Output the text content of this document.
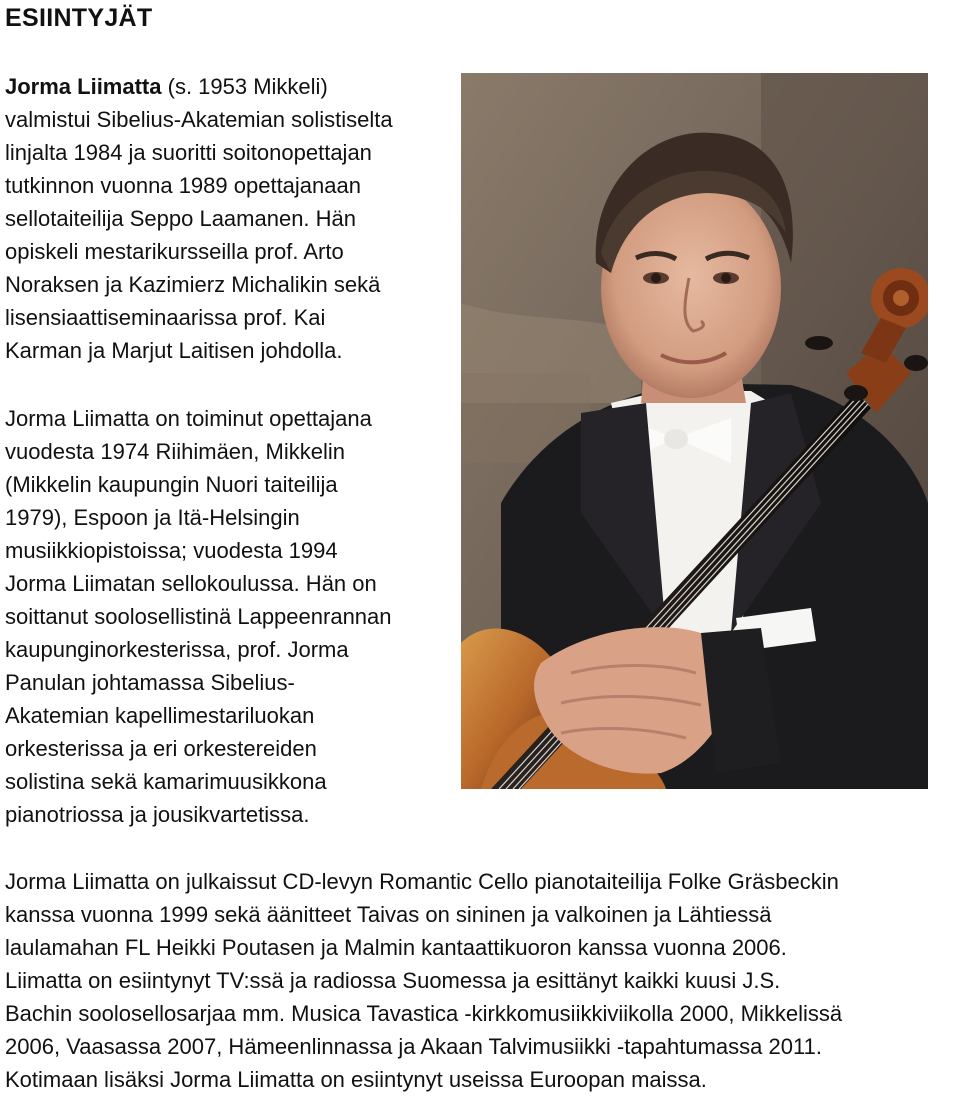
ESIINTYJÄT
Jorma Liimatta (s. 1953 Mikkeli)
valmistui Sibelius-Akatemian solistiselta
linjalta 1984 ja suoritti soitonopettajan
tutkinnon vuonna 1989 opettajanaan
sellotaiteilija Seppo Laamanen. Hän
opiskeli mestarikursseilla prof. Arto
Noraksen ja Kazimierz Michalikin sekä
lisensiaattiseminaarissa prof. Kai
Karman ja Marjut Laitisen johdolla.
Jorma Liimatta on toiminut opettajana
vuodesta 1974 Riihimäen, Mikkelin
(Mikkelin kaupungin Nuori taiteilija
1979), Espoon ja Itä-Helsingin
musiikkiopistoissa; vuodesta 1994
Jorma Liimatan sellokoulussa. Hän on
soittanut soolosellistinä Lappeenrannan
kaupunginorkesterissa, prof. Jorma
Panulan johtamassa Sibelius-
Akatemian kapellimestariluokan
orkesterissa ja eri orkestereiden
solistina sekä kamarimuusikkona
pianotriossa ja jousikvartetissa.
Jorma Liimatta on julkaissut CD-levyn Romantic Cello pianotaiteilija Folke Gräsbeckin
kanssa vuonna 1999 sekä äänitteet Taivas on sininen ja valkoinen ja Lähtiessä
laulamahan FL Heikki Poutasen ja Malmin kantaattikuoron kanssa vuonna 2006.
Liimatta on esiintynyt TV:ssä ja radiossa Suomessa ja esittänyt kaikki kuusi J.S.
Bachin soolosellosarjaa mm. Musica Tavastica -kirkkomusiikkiviikolla 2000, Mikkelissä
2006, Vaasassa 2007, Hämeenlinnassa ja Akaan Talvimusiikki -tapahtumassa 2011.
Kotimaan lisäksi Jorma Liimatta on esiintynyt useissa Euroopan maissa.
